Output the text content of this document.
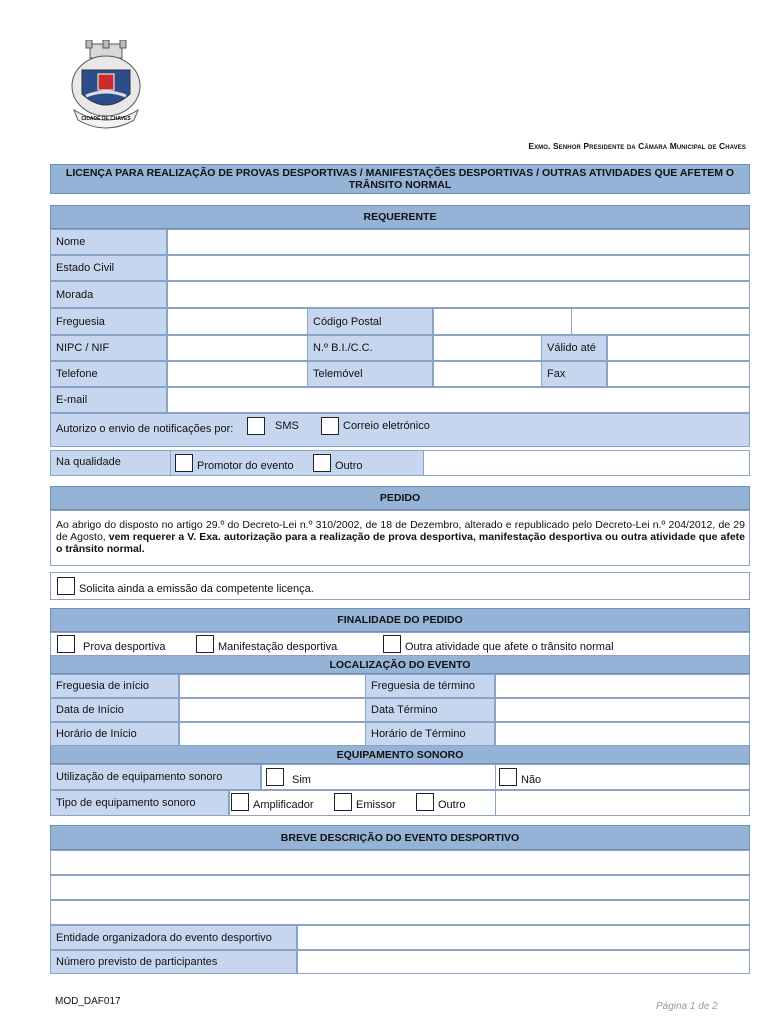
CIDADE DE CHAVES
Exmo. Senhor Presidente da Câmara Municipal de Chaves
LICENÇA PARA REALIZAÇÃO DE PROVAS DESPORTIVAS / MANIFESTAÇÕES DESPORTIVAS / OUTRAS ATIVIDADES QUE AFETEM O TRÂNSITO NORMAL
REQUERENTE
Nome
Estado Civil
Morada
Freguesia	Código Postal
NIPC / NIF	N.º B.I./C.C.	Válido até
Telefone	Telemóvel	Fax
E-mail
Autorizo o envio de notificações por:	SMS	Correio eletrónico
Na qualidade	Promotor do evento	Outro
PEDIDO
Ao abrigo do disposto no artigo 29.º do Decreto-Lei n.º 310/2002, de 18 de Dezembro, alterado e republicado pelo Decreto-Lei n.º 204/2012, de 29 de Agosto, vem requerer a V. Exa. autorização para a realização de prova desportiva, manifestação desportiva ou outra atividade que afete o trânsito normal.
Solicita ainda a emissão da competente licença.
FINALIDADE DO PEDIDO
Prova desportiva	Manifestação desportiva	Outra atividade que afete o trânsito normal
LOCALIZAÇÃO DO EVENTO
Freguesia de início	Freguesia de término
Data de Início	Data Término
Horário de Início	Horário de Término
EQUIPAMENTO SONORO
Utilização de equipamento sonoro	Sim	Não
Tipo de equipamento sonoro	Amplificador	Emissor	Outro
BREVE DESCRIÇÃO DO EVENTO DESPORTIVO
Entidade organizadora do evento desportivo
Número previsto de participantes
MOD_DAF017	Página 1 de 2
